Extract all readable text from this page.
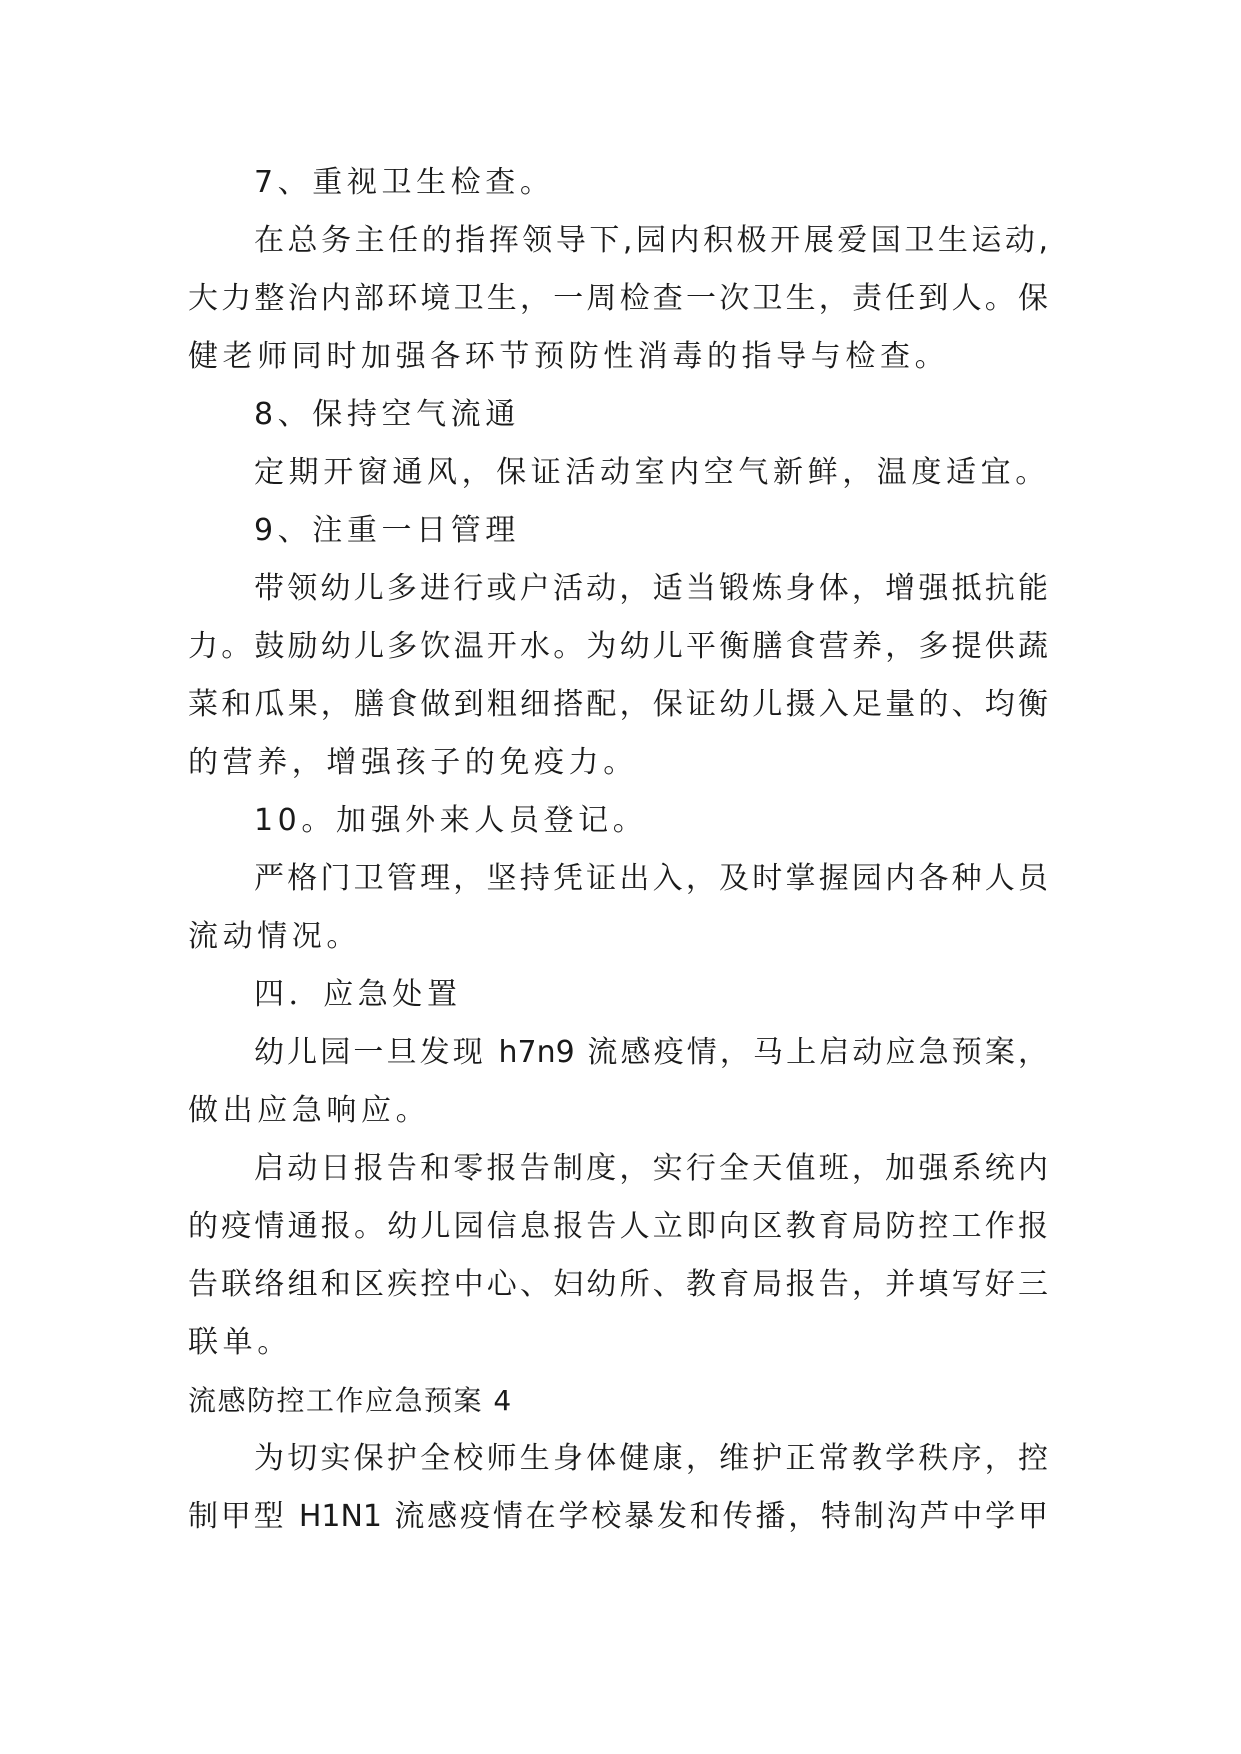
7、重视卫生检查。
在总务主任的指挥领导下,园内积极开展爱国卫生运动,
大力整治内部环境卫生，一周检查一次卫生，责任到人。保
健老师同时加强各环节预防性消毒的指导与检查。
8、保持空气流通
定期开窗通风，保证活动室内空气新鲜，温度适宜。
9、注重一日管理
带领幼儿多进行或户活动，适当锻炼身体，增强抵抗能
力。鼓励幼儿多饮温开水。为幼儿平衡膳食营养，多提供蔬
菜和瓜果，膳食做到粗细搭配，保证幼儿摄入足量的、均衡
的营养，增强孩子的免疫力。
10。加强外来人员登记。
严格门卫管理，坚持凭证出入，及时掌握园内各种人员
流动情况。
四．应急处置
幼儿园一旦发现 h7n9 流感疫情，马上启动应急预案，
做出应急响应。
启动日报告和零报告制度，实行全天值班，加强系统内
的疫情通报。幼儿园信息报告人立即向区教育局防控工作报
告联络组和区疾控中心、妇幼所、教育局报告，并填写好三
联单。
流感防控工作应急预案 4
为切实保护全校师生身体健康，维护正常教学秩序，控
制甲型 H1N1 流感疫情在学校暴发和传播，特制沟芦中学甲
